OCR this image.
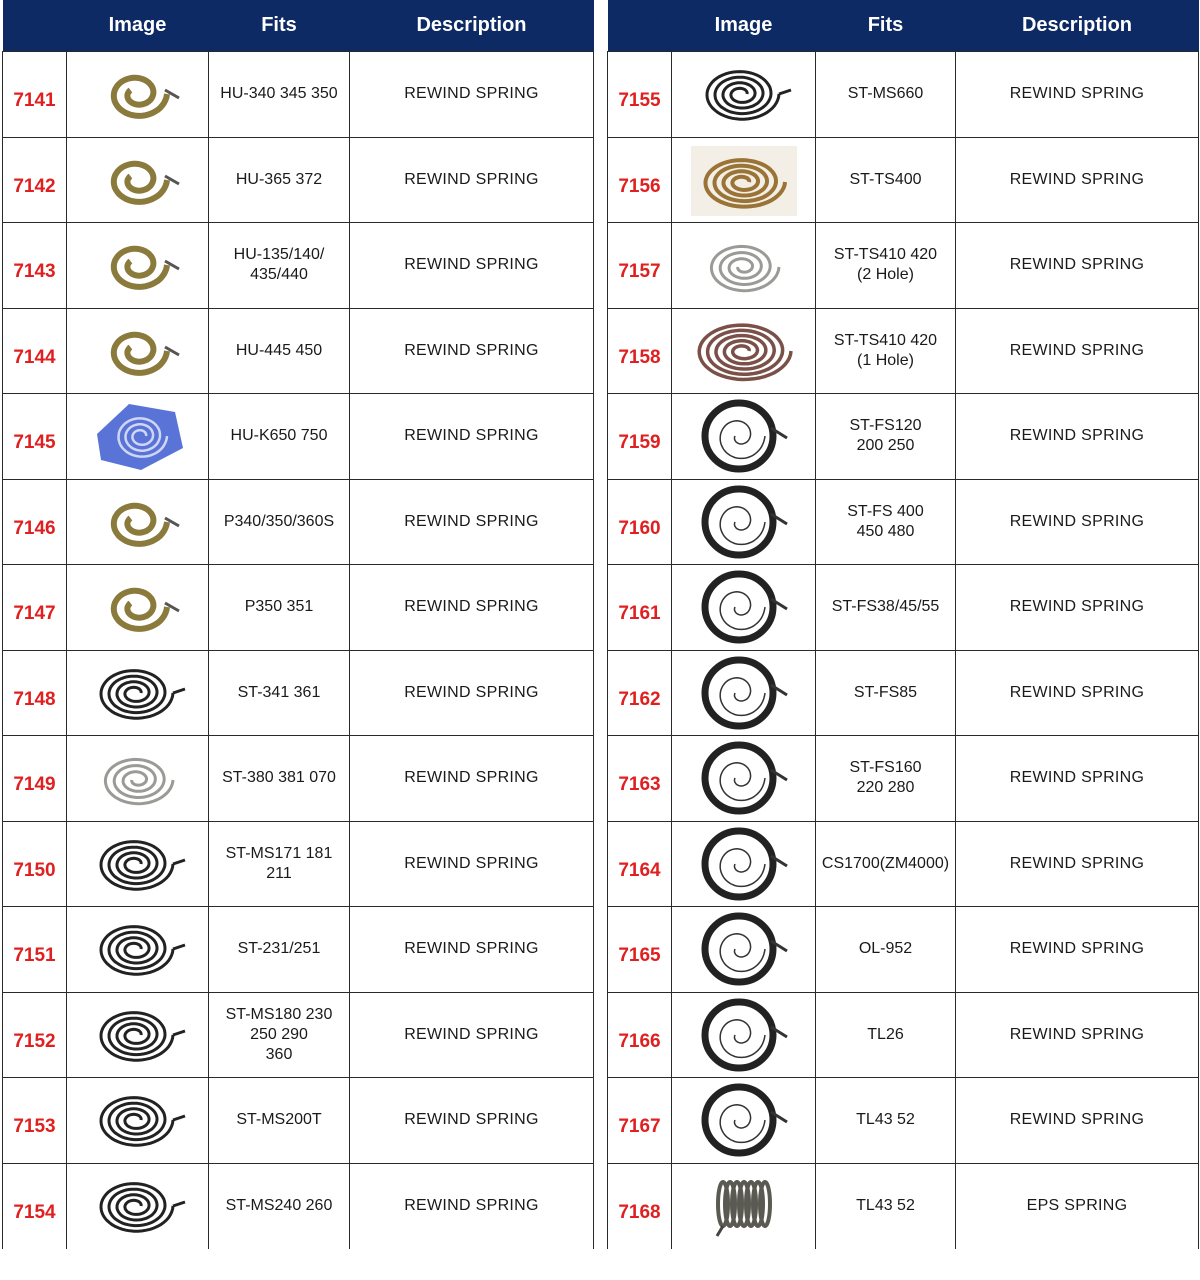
	Image	Fits	Description
7141		HU-340 345 350	REWIND SPRING
7142		HU-365 372	REWIND SPRING
7143		HU-135/140/
435/440	REWIND SPRING
7144		HU-445 450	REWIND SPRING
7145		HU-K650 750	REWIND SPRING
7146		P340/350/360S	REWIND SPRING
7147		P350 351	REWIND SPRING
7148		ST-341 361	REWIND SPRING
7149		ST-380 381 070	REWIND SPRING
7150		ST-MS171 181 211	REWIND SPRING
7151		ST-231/251	REWIND SPRING
7152		ST-MS180 230 250 290
360	REWIND SPRING
7153		ST-MS200T	REWIND SPRING
7154		ST-MS240 260	REWIND SPRING
	Image	Fits	Description
7155		ST-MS660	REWIND SPRING
7156		ST-TS400	REWIND SPRING
7157		ST-TS410 420
(2 Hole)	REWIND SPRING
7158		ST-TS410 420
(1 Hole)	REWIND SPRING
7159		ST-FS120
200 250	REWIND SPRING
7160		ST-FS 400
450 480	REWIND SPRING
7161		ST-FS38/45/55	REWIND SPRING
7162		ST-FS85	REWIND SPRING
7163		ST-FS160
220 280	REWIND SPRING
7164		CS1700(ZM4000)	REWIND SPRING
7165		OL-952	REWIND SPRING
7166		TL26	REWIND SPRING
7167		TL43 52	REWIND SPRING
7168		TL43 52	EPS SPRING
